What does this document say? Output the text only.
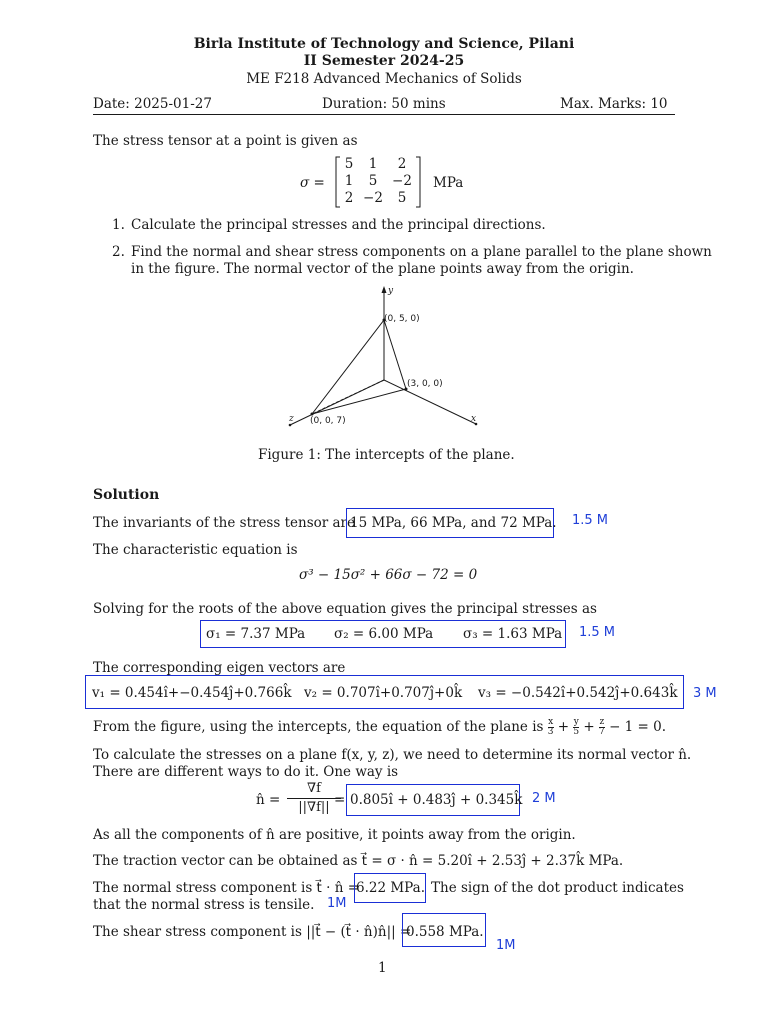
Birla Institute of Technology and Science, Pilani
II Semester 2024-25
ME F218 Advanced Mechanics of Solids
Date: 2025-01-27	Duration: 50 mins	Max. Marks: 10
The stress tensor at a point is given as
σ =
5	1	2
1	5	−2
2 −2	5
MPa
1. Calculate the principal stresses and the principal directions.
2. Find the normal and shear stress components on a plane parallel to the plane shown
in the figure. The normal vector of the plane points away from the origin.
y
(0, 5, 0)
(3, 0, 0)
(0, 0, 7)
z	x
Figure 1: The intercepts of the plane.
Solution
The invariants of the stress tensor are
15 MPa, 66 MPa, and 72 MPa. 1.5 M
The characteristic equation is
σ³ − 15σ² + 66σ − 72 = 0
Solving for the roots of the above equation gives the principal stresses as
σ₁ = 7.37 MPa σ₂ = 6.00 MPa σ₃ = 1.63 MPa 1.5 M
The corresponding eigen vectors are
v₁ = 0.454î+−0.454ĵ+0.766k̂ v₂ = 0.707î+0.707ĵ+0k̂ v₃ = −0.542î+0.542ĵ+0.643k̂ 3 M
From the figure, using the intercepts, the equation of the plane is $\frac{x}{3} + \frac{y}{5} + \frac{z}{7} - 1 = 0$.
To calculate the stresses on a plane f(x, y, z), we need to determine its normal vector n̂.
There are different ways to do it. One way is
n̂ = $\frac{\nabla f}{||\nabla f||}$
= 0.805î + 0.483ĵ + 0.345k̂ 2 M
As all the components of n̂ are positive, it points away from the origin.
The traction vector can be obtained as t⃗ = σ · n̂ = 5.20î + 2.53ĵ + 2.37k̂ MPa.
The normal stress component is t⃗ · n̂ =
6.22 MPa. The sign of the dot product indicates
that the normal stress is tensile. 1M
The shear stress component is ||t⃗ − (t⃗ · n̂)n̂|| =
0.558 MPa.
1M
1
